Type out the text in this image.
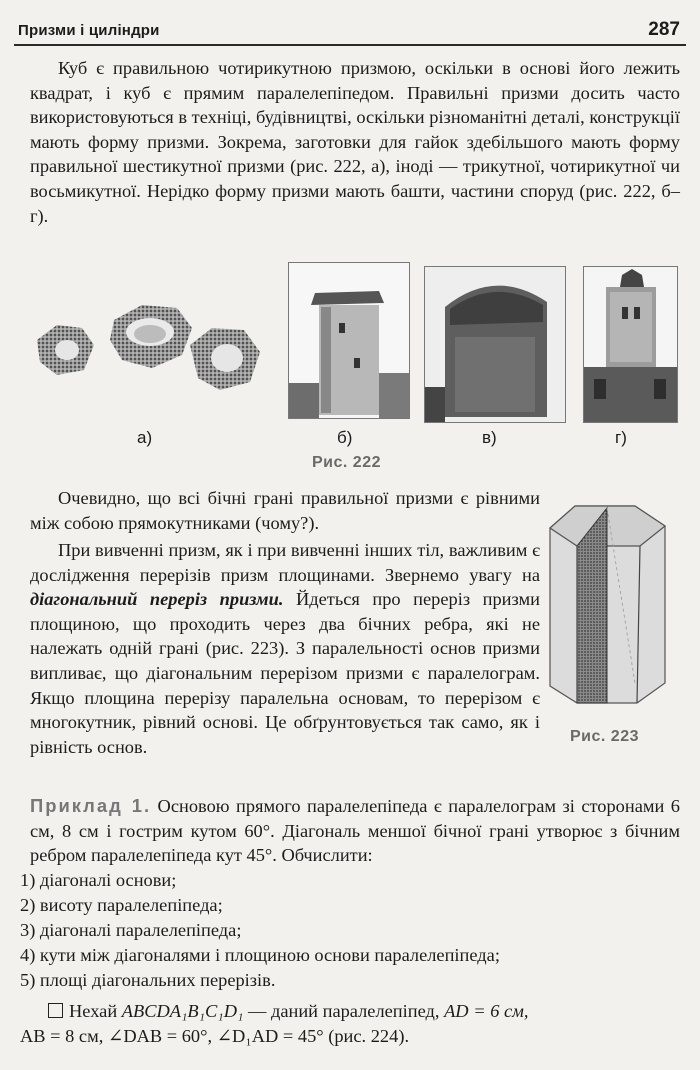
Призми і циліндри	287

Куб є правильною чотирикутною призмою, оскільки в основі його лежить квадрат, і куб є прямим паралелепіпедом. Правильні призми досить часто використовуються в техніці, будівництві, оскільки різноманітні деталі, конструкції мають форму призми. Зокрема, заготовки для гайок здебільшого мають форму правильної шестикутної призми (рис. 222, а), іноді — трикутної, чотирикутної чи восьмикутної. Нерідко форму призми мають башти, частини споруд (рис. 222, б–г).

а)	б)	в)	г)
Рис. 222

Очевидно, що всі бічні грані правильної призми є рівними між собою прямокутниками (чому?).

При вивченні призм, як і при вивченні інших тіл, важливим є дослідження перерізів призм площинами. Звернемо увагу на діагональний переріз призми. Йдеться про переріз призми площиною, що проходить через два бічних ребра, які не належать одній грані (рис. 223). З паралельності основ призми випливає, що діагональним перерізом призми є паралелограм. Якщо площина перерізу паралельна основам, то перерізом є многокутник, рівний основі. Це обґрунтовується так само, як і рівність основ.

Рис. 223

Приклад 1. Основою прямого паралелепіпеда є паралелограм зі сторонами 6 см, 8 см і гострим кутом 60°. Діагональ меншої бічної грані утворює з бічним ребром паралелепіпеда кут 45°. Обчислити:

1) діагоналі основи;
2) висоту паралелепіпеда;
3) діагоналі паралелепіпеда;
4) кути між діагоналями і площиною основи паралелепіпеда;
5) площі діагональних перерізів.
Нехай ABCDA₁B₁C₁D₁ — даний паралелепіпед, AD = 6 см,
AB = 8 см, ∠DAB = 60°, ∠D₁AD = 45° (рис. 224).
